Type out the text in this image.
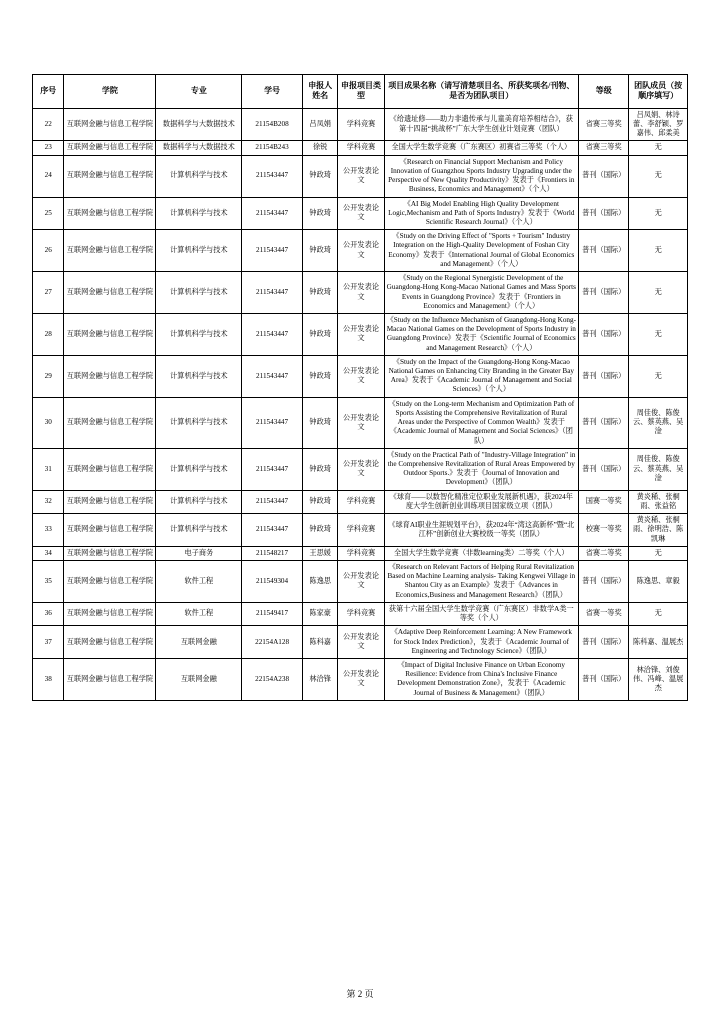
序号	学院	专业	学号	申报人姓名	申报项目类型	项目成果名称（请写清楚项目名、所获奖项名/刊物、是否为团队项目）	等级	团队成员（按顺序填写）
22	互联网金融与信息工程学院	数据科学与大数据技术	21154B208	吕凤娟	学科竞赛	《给遗址修——助力非遗传承与儿童美育培养相结合》，获第十四届“挑战杯”广东大学生创业计划竞赛（团队）	省赛三等奖	吕凤娟、林诗蕾、李舒颖、罗嘉伟、邱柔美
23	互联网金融与信息工程学院	数据科学与大数据技术	21154B243	徐锐	学科竞赛	全国大学生数学竞赛（广东赛区）初赛省三等奖（个人）	省赛三等奖	无
24	互联网金融与信息工程学院	计算机科学与技术	211543447	钟政琦	公开发表论文	《Research on Financial Support Mechanism and Policy Innovation of Guangzhou Sports Industry Upgrading under the Perspective of New Quality Productivity》发表于《Frontiers in Business, Economics and Management》（个人）	普刊（国际）	无
25	互联网金融与信息工程学院	计算机科学与技术	211543447	钟政琦	公开发表论文	《AI Big Model Enabling High Quality Development Logic,Mechanism and Path of Sports Industry》发表于《World Scientific Research Journal》（个人）	普刊（国际）	无
26	互联网金融与信息工程学院	计算机科学与技术	211543447	钟政琦	公开发表论文	《Study on the Driving Effect of "Sports + Tourism" Industry Integration on the High-Quality Development of Foshan City Economy》发表于《International Journal of Global Economics and Management》（个人）	普刊（国际）	无
27	互联网金融与信息工程学院	计算机科学与技术	211543447	钟政琦	公开发表论文	《Study on the Regional Synergistic Development of the Guangdong-Hong Kong-Macao National Games and Mass Sports Events in Guangdong Province》发表于《Frontiers in Economics and Management》（个人）	普刊（国际）	无
28	互联网金融与信息工程学院	计算机科学与技术	211543447	钟政琦	公开发表论文	《Study on the Influence Mechanism of Guangdong-Hong Kong-Macao National Games on the Development of Sports Industry in Guangdong Province》发表于《Scientific Journal of Economics and Management Research》（个人）	普刊（国际）	无
29	互联网金融与信息工程学院	计算机科学与技术	211543447	钟政琦	公开发表论文	《Study on the Impact of the Guangdong-Hong Kong-Macao National Games on Enhancing City Branding in the Greater Bay Area》发表于《Academic Journal of Management and Social Sciences》（个人）	普刊（国际）	无
30	互联网金融与信息工程学院	计算机科学与技术	211543447	钟政琦	公开发表论文	《Study on the Long-term Mechanism and Optimization Path of Sports Assisting the Comprehensive Revitalization of Rural Areas under the Perspective of Common Wealth》发表于《Academic Journal of Management and Social Sciences》（团队）	普刊（国际）	周佳俊、陈俊云、蔡英燕、吴淦
31	互联网金融与信息工程学院	计算机科学与技术	211543447	钟政琦	公开发表论文	《Study on the Practical Path of "Industry-Village Integration" in the Comprehensive Revitalization of Rural Areas Empowered by Outdoor Sports.》发表于《Journal of Innovation and Development》（团队）	普刊（国际）	周佳俊、陈俊云、蔡英燕、吴淦
32	互联网金融与信息工程学院	计算机科学与技术	211543447	钟政琦	学科竞赛	《球育——以数智化精准定位职业发展新机遇》，获2024年度大学生创新创业训练项目国家级立项（团队）	国赛一等奖	黄炎稀、张桐雨、张益铭
33	互联网金融与信息工程学院	计算机科学与技术	211543447	钟政琦	学科竞赛	《球育AI职业生涯规划平台》，获2024年“湾这高新杯”暨“北江杯”创新创业大赛校级一等奖（团队）	校赛一等奖	黄炎稀、张桐雨、徐明浩、陈凯琳
34	互联网金融与信息工程学院	电子商务	211548217	王思媛	学科竞赛	全国大学生数学竞赛（非数learning类）二等奖（个人）	省赛二等奖	无
35	互联网金融与信息工程学院	软件工程	211549304	陈逸思	公开发表论文	《Research on Relevant Factors of Helping Rural Revitalization Based on Machine Learning analysis- Taking Kengwei Village in Shantou City as an Example》发表于《Advances in Economics,Business and Management Research》（团队）	普刊（国际）	陈逸思、章毅
36	互联网金融与信息工程学院	软件工程	211549417	陈家豪	学科竞赛	获第十六届全国大学生数学竞赛（广东赛区）非数学A类一等奖（个人）	省赛一等奖	无
37	互联网金融与信息工程学院	互联网金融	22154A128	陈科嘉	公开发表论文	《Adaptive Deep Reinforcement Learning: A New Framework for Stock Index Prediction》，发表于《Academic Journal of Engineering and Technology Science》（团队）	普刊（国际）	陈科嘉、温展杰
38	互联网金融与信息工程学院	互联网金融	22154A238	林洽锋	公开发表论文	《Impact of Digital Inclusive Finance on Urban Economy Resilience: Evidence from China's Inclusive Finance Development Demonstration Zone》，发表于《Academic Journal of Business & Management》（团队）	普刊（国际）	林洽锋、刘俊伟、冯峰、温展杰
第 2 页
